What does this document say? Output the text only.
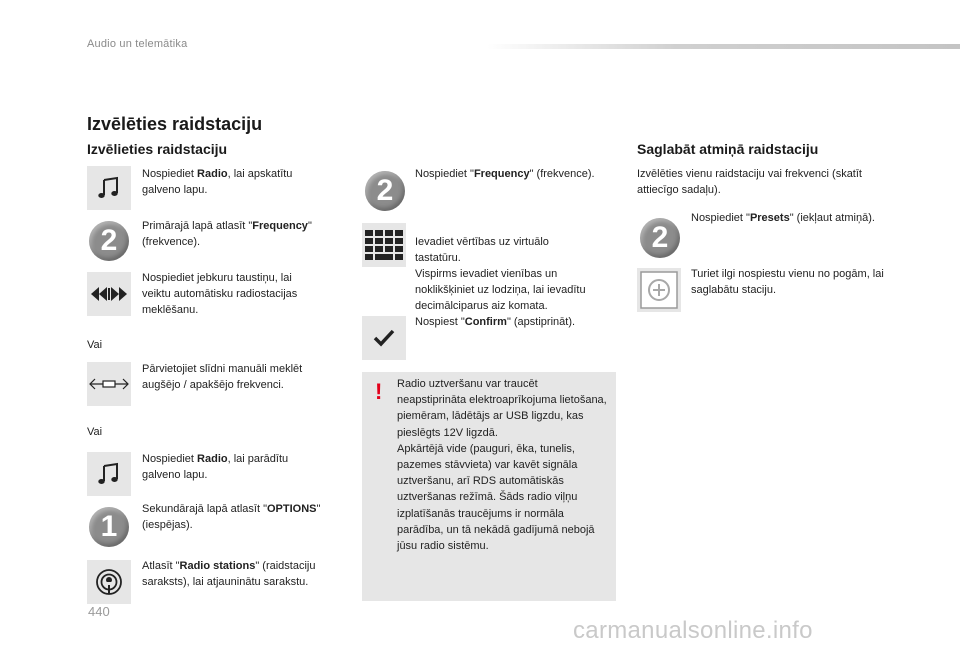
Audio un telemātika
Izvēlēties raidstaciju
Izvēlieties raidstaciju
Nospiediet Radio, lai apskatītu galveno lapu.
2	Primārajā lapā atlasīt "Frequency" (frekvence).
Nospiediet jebkuru taustiņu, lai veiktu automātisku radiostacijas meklēšanu.
Vai
Pārvietojiet slīdni manuāli meklēt augšējo / apakšējo frekvenci.
Vai
Nospiediet Radio, lai parādītu galveno lapu.
1
Sekundārajā lapā atlasīt "OPTIONS" (iespējas).
Atlasīt "Radio stations" (raidstaciju saraksts), lai atjauninātu sarakstu.
2	Nospiediet "Frequency" (frekvence).

Ievadiet vērtības uz virtuālo tastatūru.
Vispirms ievadiet vienības un noklikšķiniet uz lodziņa, lai ievadītu decimālciparus aiz komata.

Nospiest "Confirm" (apstiprināt).
! Radio uztveršanu var traucēt neapstiprināta elektroaprīkojuma lietošana, piemēram, lādētājs ar USB ligzdu, kas pieslēgts 12V ligzdā.
Apkārtējā vide (pauguri, ēka, tunelis, pazemes stāvvieta) var kavēt signāla uztveršanu, arī RDS automātiskās uztveršanas režīmā. Šāds radio viļņu izplatīšanās traucējums ir normāla parādība, un tā nekādā gadījumā nebojā jūsu radio sistēmu.
Saglabāt atmiņā raidstaciju
Izvēlēties vienu raidstaciju vai frekvenci (skatīt attiecīgo sadaļu).
2
Nospiediet "Presets" (iekļaut atmiņā).
Turiet ilgi nospiestu vienu no pogām, lai saglabātu staciju.
440
carmanualsonline.info
